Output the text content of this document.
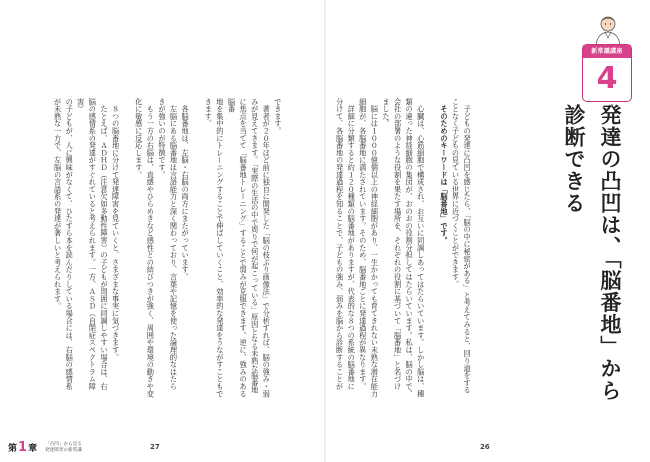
新常識講座
4
発達の凸凹は、「脳番地」から診断できる
　子どもの発達に凸凹を感じたら、「脳の中に秘密がある」と考えてみると、回り道をする
ことなく子どもの見ている世界に近づくことができます。
　そのためのキーワードは「脳番地」です。

　心臓は、心筋細胞で構成され、お互いに同調しあってはたらいています。しかし脳は、種
類の違った神経細胞の集団が、おのおの役割分担してはたらいています。私は、脳の中で、
会社の部署のような役割を果たす場所を、それぞれの役割に基づいて「脳番地」と名づけ
ました。
　脳には１０００億個以上の神経細胞があり、一生かかっても育てきれない未熟な潜在能力
細胞が、各脳番地に満たされています。そのため、脳番地ごとに発達過程が異なります。
　詳細に分類すると約１２０種類の脳番地がありますが、代表的な８つの系統の脳番地に
分けて、各脳番地の発達過程を知ることで、子どもの強み、弱みを脳から診断することが

26
できます。
　著者が２０年ほど前に独自に開発した「脳の枝ぶり画像法」で分析すれば、脳の強み・弱
みが見えてきます。「実際の生活の中で周りで何が起こっている」原因となる未熟な脳番地
に焦点を当てて「脳番地トレーニング」することで弱みが克服できます。逆に、強みのある脳番
地を集中的にトレーニングすることで伸ばしていくこと、効率的な発達をうながすこともできます。

　各脳番地は、左脳・右脳の両方にまたがっています。
　左脳にある脳番地は言語能力と深く関わっており、言葉や記憶を使った論理的なはたら
きが強いのが特徴です。
　もう一方の右脳は、直感やひらめきなど感性との結びつきが強く、周囲や環境の動きや変
化に敏感に反応します。

　８つの脳番地に分けて発達障害を見ていくと、さまざまな事実に気づきます。
　たとえば、ＡＤＨＤ（注意欠如多動性障害）の子どもが周囲に同調しやすい場合は、右
脳の感情系の発達がすぐれていると考えられます。一方、ＡＳＤ（自閉症スペクトラム障害）
の子どもが、人に興味がなくて、ひたすら本を読んだりしている場合には、右脳の感情系
が未熟な一方で、左脳の言語系の発達が著しいと考えられます。

27
第1章 「凸凹」から見る発達障害の新常識
